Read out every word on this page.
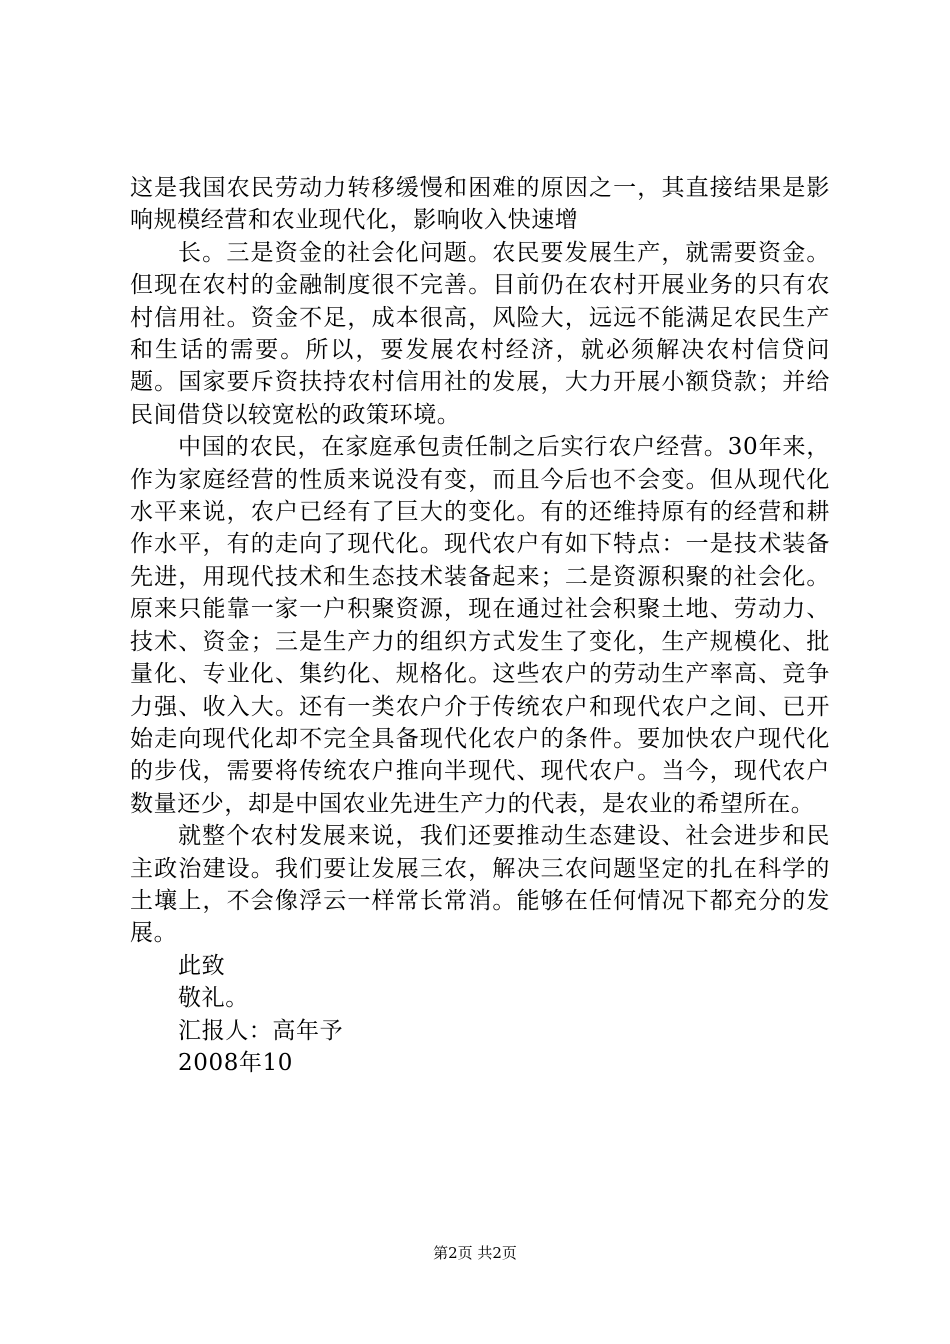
这是我国农民劳动力转移缓慢和困难的原因之一，其直接结果是影响规模经营和农业现代化，影响收入快速增

长。三是资金的社会化问题。农民要发展生产，就需要资金。但现在农村的金融制度很不完善。目前仍在农村开展业务的只有农村信用社。资金不足，成本很高，风险大，远远不能满足农民生产和生话的需要。所以，要发展农村经济，就必须解决农村信贷问题。国家要斥资扶持农村信用社的发展，大力开展小额贷款；并给民间借贷以较宽松的政策环境。

中国的农民，在家庭承包责任制之后实行农户经营。30年来，作为家庭经营的性质来说没有变，而且今后也不会变。但从现代化水平来说，农户已经有了巨大的变化。有的还维持原有的经营和耕作水平，有的走向了现代化。现代农户有如下特点：一是技术装备先进，用现代技术和生态技术装备起来；二是资源积聚的社会化。原来只能靠一家一户积聚资源，现在通过社会积聚土地、劳动力、技术、资金；三是生产力的组织方式发生了变化，生产规模化、批量化、专业化、集约化、规格化。这些农户的劳动生产率高、竞争力强、收入大。还有一类农户介于传统农户和现代农户之间、已开始走向现代化却不完全具备现代化农户的条件。要加快农户现代化的步伐，需要将传统农户推向半现代、现代农户。当今，现代农户数量还少，却是中国农业先进生产力的代表，是农业的希望所在。

就整个农村发展来说，我们还要推动生态建设、社会进步和民主政治建设。我们要让发展三农，解决三农问题坚定的扎在科学的土壤上，不会像浮云一样常长常消。能够在任何情况下都充分的发展。

此致

敬礼。

汇报人：高年予

2008年10

第2页 共2页
